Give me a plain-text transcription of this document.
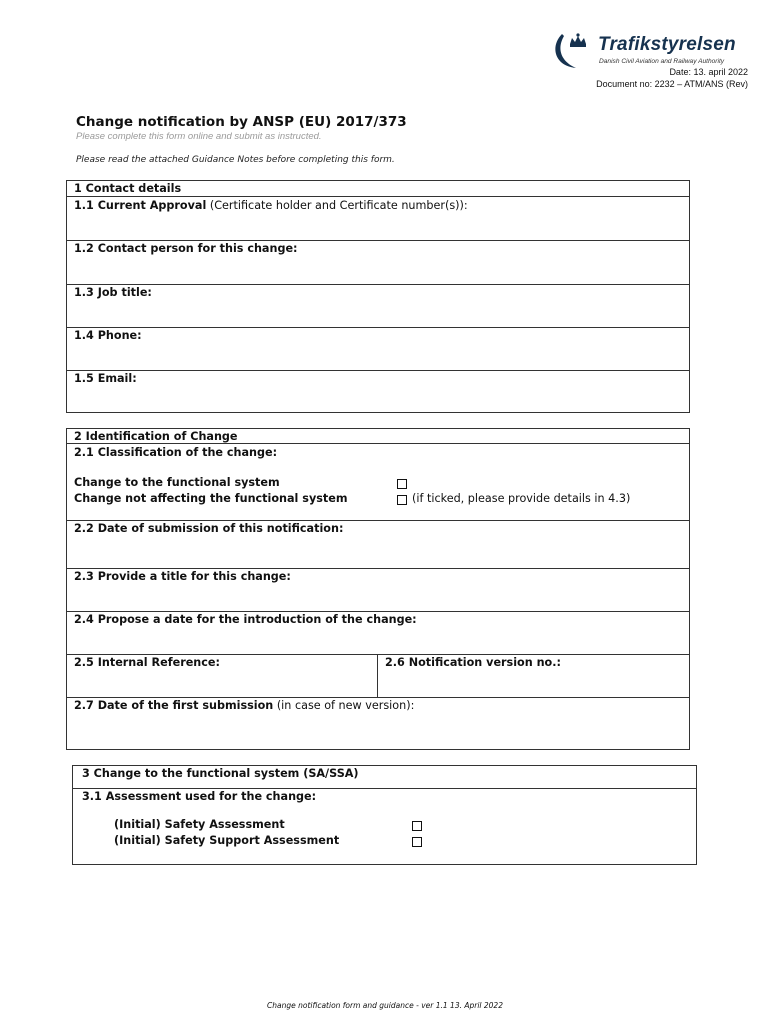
Trafikstyrelsen
Danish Civil Aviation and Railway Authority
Date: 13. april 2022
Document no: 2232 – ATM/ANS (Rev)
Change notification by ANSP (EU) 2017/373
Please complete this form online and submit as instructed.
Please read the attached Guidance Notes before completing this form.
1 Contact details
1.1 Current Approval (Certificate holder and Certificate number(s)):
1.2 Contact person for this change:
1.3 Job title:
1.4 Phone:
1.5 Email:
2 Identification of Change
2.1 Classification of the change:
Change to the functional system
Change not affecting the functional system	(if ticked, please provide details in 4.3)
2.2 Date of submission of this notification:
2.3 Provide a title for this change:
2.4 Propose a date for the introduction of the change:
2.5 Internal Reference:	2.6 Notification version no.:
2.7 Date of the first submission (in case of new version):
3 Change to the functional system (SA/SSA)
3.1 Assessment used for the change:
(Initial) Safety Assessment
(Initial) Safety Support Assessment
Change notification form and guidance - ver 1.1 13. April 2022
